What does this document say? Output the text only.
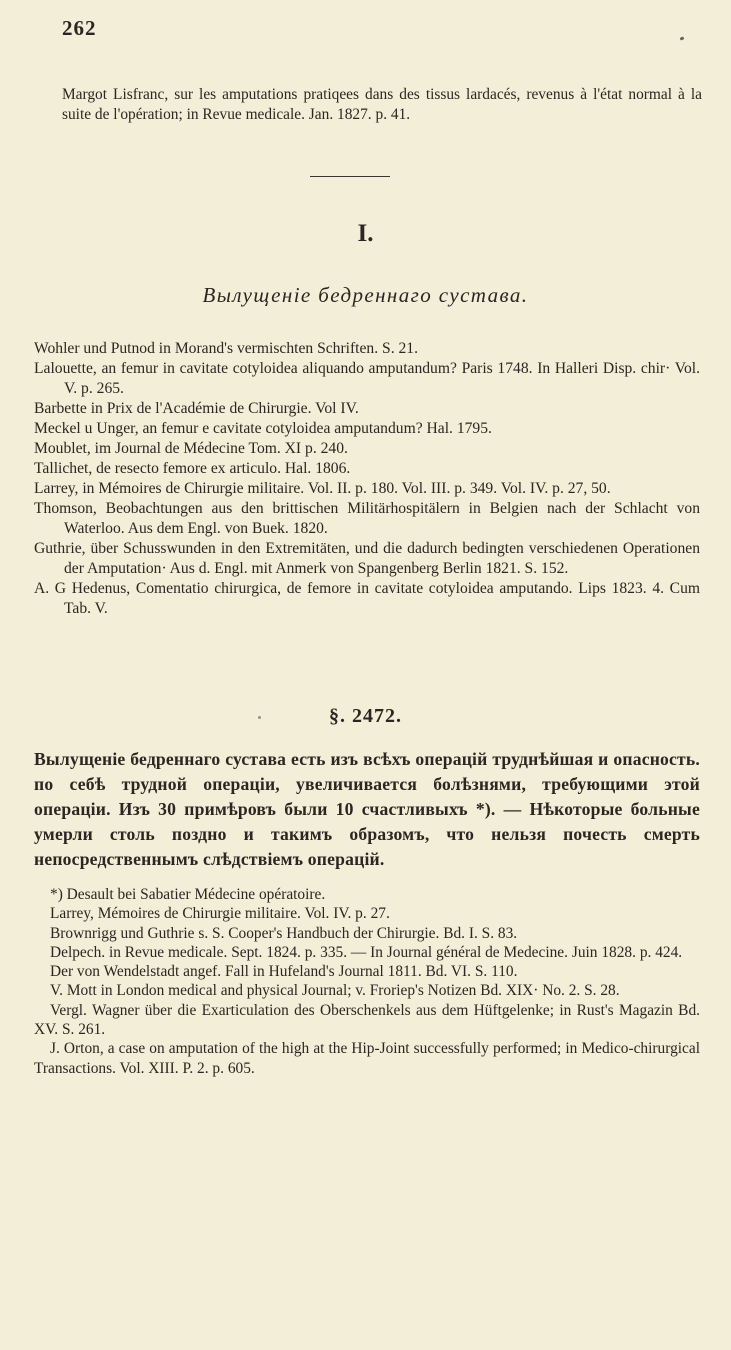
262

Margot Lisfranc, sur les amputations pratiqees dans des tissus lardacés, revenus à l'état normal à la suite de l'opération; in Revue medicale. Jan. 1827. p. 41.

I.
Вылущеніе бедреннаго сустава.

Wohler und Putnod in Morand's vermischten Schriften. S. 21.

Lalouette, an femur in cavitate cotyloidea aliquando amputandum? Paris 1748. In Halleri Disp. chir· Vol. V. p. 265.

Barbette in Prix de l'Académie de Chirurgie. Vol IV.

Meckel u Unger, an femur e cavitate cotyloidea amputandum? Hal. 1795.

Moublet, im Journal de Médecine Tom. XI p. 240.

Tallichet, de resecto femore ex articulo. Hal. 1806.

Larrey, in Mémoires de Chirurgie militaire. Vol. II. p. 180. Vol. III. p. 349. Vol. IV. p. 27, 50.

Thomson, Beobachtungen aus den brittischen Militärhospitälern in Belgien nach der Schlacht von Waterloo. Aus dem Engl. von Buek. 1820.

Guthrie, über Schusswunden in den Extremitäten, und die dadurch bedingten verschiedenen Operationen der Amputation· Aus d. Engl. mit Anmerk von Spangenberg Berlin 1821. S. 152.

A. G Hedenus, Comentatio chirurgica, de femore in cavitate cotyloidea amputando. Lips 1823. 4. Cum Tab. V.

§. 2472.

Вылущеніе бедреннаго сустава есть изъ всѣхъ операцій труднѣйшая и опасность. по себѣ трудной операціи, увеличивается болѣзнями, требующими этой операціи. Изъ 30 примѣровъ были 10 счастливыхъ *). — Нѣкоторые больные умерли столь поздно и такимъ образомъ, что нельзя почесть смерть непосредственнымъ слѣдствіемъ операцій.

*) Desault bei Sabatier Médecine opératoire.

Larrey, Mémoires de Chirurgie militaire. Vol. IV. p. 27.

Brownrigg und Guthrie s. S. Cooper's Handbuch der Chirurgie. Bd. I. S. 83.

Delpech. in Revue medicale. Sept. 1824. p. 335. — In Journal général de Medecine. Juin 1828. p. 424.

Der von Wendelstadt angef. Fall in Hufeland's Journal 1811. Bd. VI. S. 110.

V. Mott in London medical and physical Journal; v. Froriep's Notizen Bd. XIX· No. 2. S. 28.

Vergl. Wagner über die Exarticulation des Oberschenkels aus dem Hüftgelenke; in Rust's Magazin Bd. XV. S. 261.

J. Orton, a case on amputation of the high at the Hip-Joint successfully performed; in Medico-chirurgical Transactions. Vol. XIII. P. 2. p. 605.
